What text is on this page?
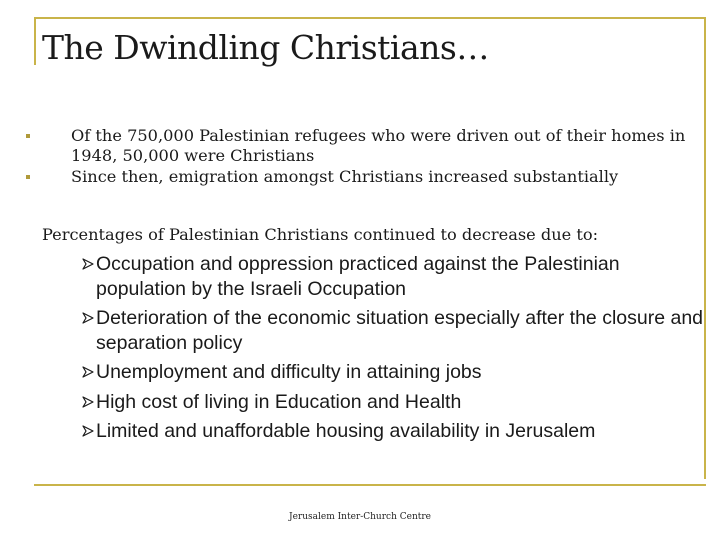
The Dwindling Christians…
Of the 750,000 Palestinian refugees who were driven out of their homes in 1948, 50,000 were Christians
Since then, emigration amongst Christians increased substantially

Percentages of Palestinian Christians continued to decrease due to:

Occupation and oppression practiced against the Palestinian population by the Israeli Occupation
Deterioration of the economic situation especially after the closure and separation policy
Unemployment and difficulty in attaining jobs
High cost of living in Education and Health
Limited and unaffordable housing availability in Jerusalem

Jerusalem Inter-Church Centre
